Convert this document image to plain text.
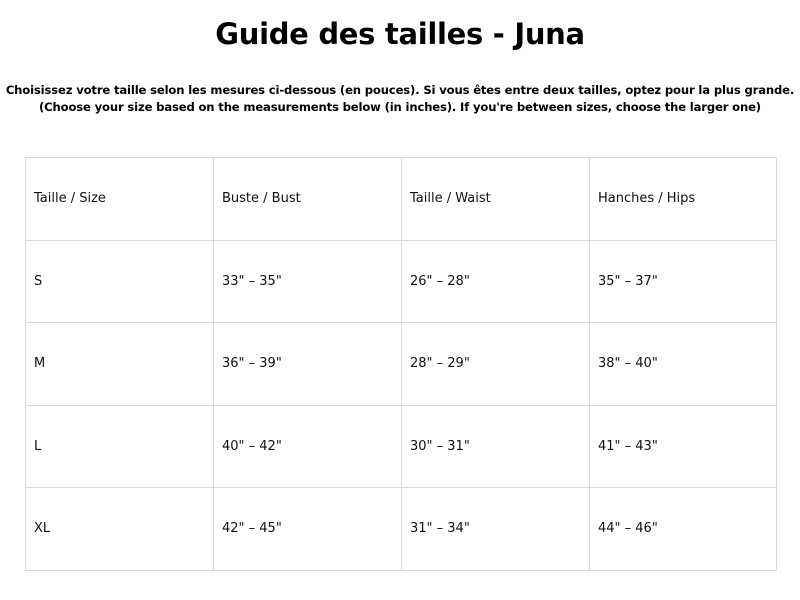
Guide des tailles - Juna

Choisissez votre taille selon les mesures ci-dessous (en pouces). Si vous êtes entre deux tailles, optez pour la plus grande.

(Choose your size based on the measurements below (in inches). If you're between sizes, choose the larger one)

Taille / Size	Buste / Bust	Taille / Waist	Hanches / Hips
S	33" – 35"	26" – 28"	35" – 37"
M	36" – 39"	28" – 29"	38" – 40"
L	40" – 42"	30" – 31"	41" – 43"
XL	42" – 45"	31" – 34"	44" – 46"
